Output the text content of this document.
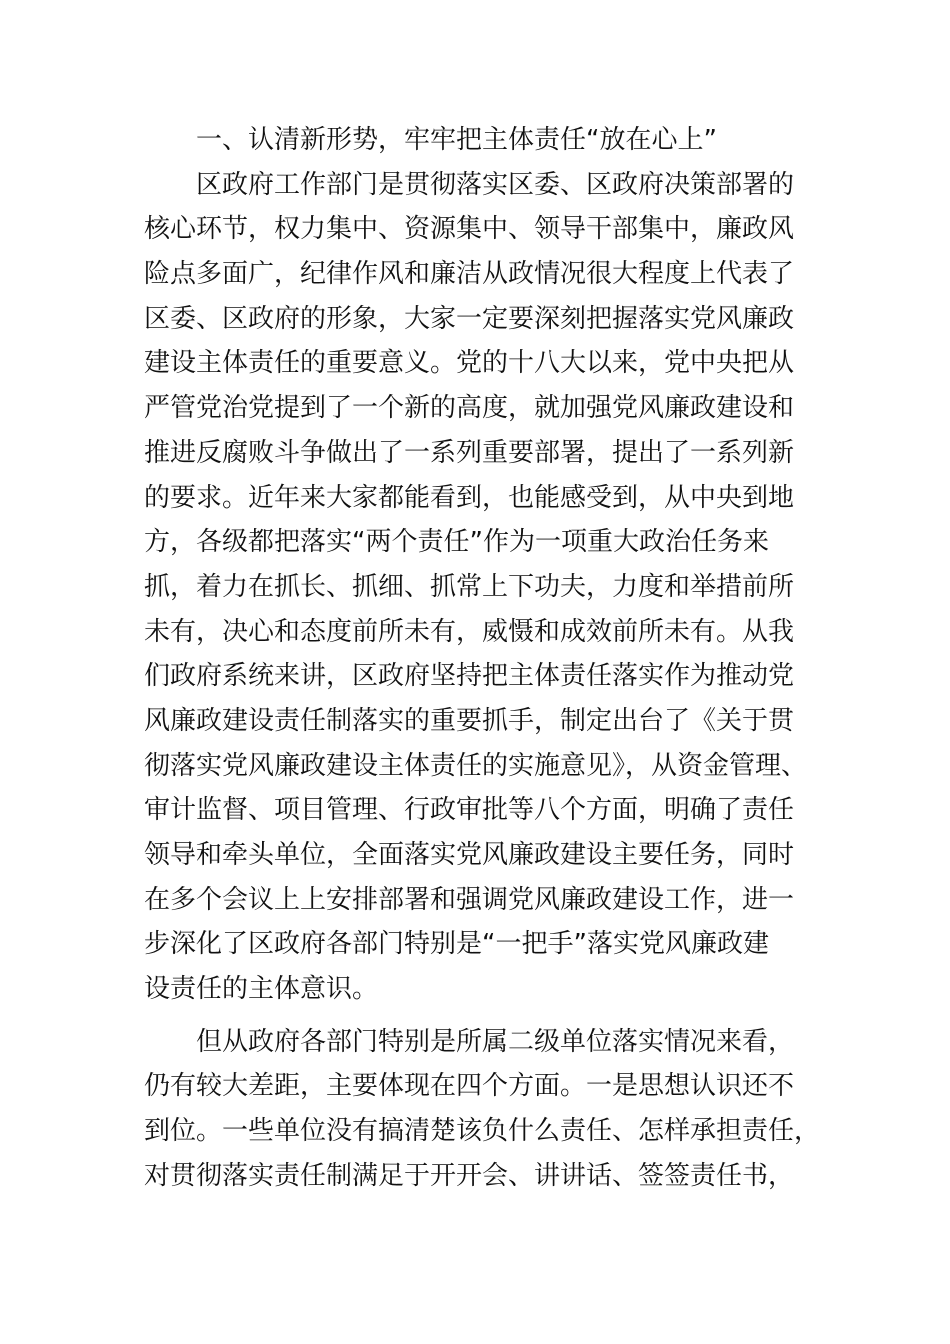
一、认清新形势，牢牢把主体责任“放在心上”
区政府工作部门是贯彻落实区委、区政府决策部署的
核心环节，权力集中、资源集中、领导干部集中，廉政风
险点多面广，纪律作风和廉洁从政情况很大程度上代表了
区委、区政府的形象，大家一定要深刻把握落实党风廉政
建设主体责任的重要意义。党的十八大以来，党中央把从
严管党治党提到了一个新的高度，就加强党风廉政建设和
推进反腐败斗争做出了一系列重要部署，提出了一系列新
的要求。近年来大家都能看到，也能感受到，从中央到地
方，各级都把落实“两个责任”作为一项重大政治任务来
抓，着力在抓长、抓细、抓常上下功夫，力度和举措前所
未有，决心和态度前所未有，威慑和成效前所未有。从我
们政府系统来讲，区政府坚持把主体责任落实作为推动党
风廉政建设责任制落实的重要抓手，制定出台了《关于贯
彻落实党风廉政建设主体责任的实施意见》，从资金管理、
审计监督、项目管理、行政审批等八个方面，明确了责任
领导和牵头单位，全面落实党风廉政建设主要任务，同时
在多个会议上上安排部署和强调党风廉政建设工作，进一
步深化了区政府各部门特别是“一把手”落实党风廉政建
设责任的主体意识。
但从政府各部门特别是所属二级单位落实情况来看，
仍有较大差距，主要体现在四个方面。一是思想认识还不
到位。一些单位没有搞清楚该负什么责任、怎样承担责任，
对贯彻落实责任制满足于开开会、讲讲话、签签责任书，
